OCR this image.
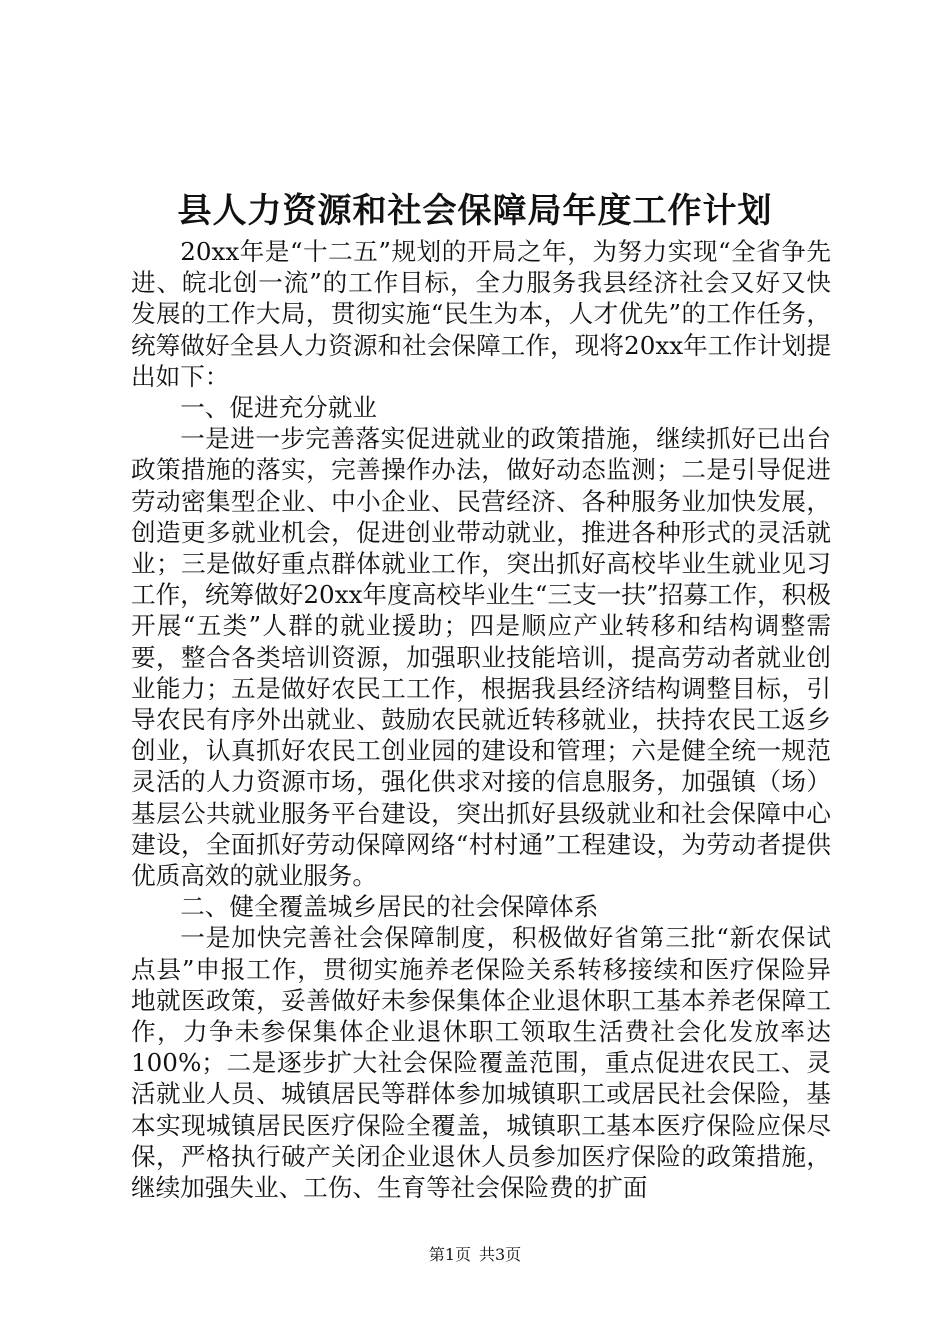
县人力资源和社会保障局年度工作计划

20xx年是“十二五”规划的开局之年，为努力实现“全省争先进、皖北创一流”的工作目标，全力服务我县经济社会又好又快发展的工作大局，贯彻实施“民生为本，人才优先”的工作任务，统筹做好全县人力资源和社会保障工作，现将20xx年工作计划提出如下：

一、促进充分就业

一是进一步完善落实促进就业的政策措施，继续抓好已出台政策措施的落实，完善操作办法，做好动态监测；二是引导促进劳动密集型企业、中小企业、民营经济、各种服务业加快发展，创造更多就业机会，促进创业带动就业，推进各种形式的灵活就业；三是做好重点群体就业工作，突出抓好高校毕业生就业见习工作，统筹做好20xx年度高校毕业生“三支一扶”招募工作，积极开展“五类”人群的就业援助；四是顺应产业转移和结构调整需要，整合各类培训资源，加强职业技能培训，提高劳动者就业创业能力；五是做好农民工工作，根据我县经济结构调整目标，引导农民有序外出就业、鼓励农民就近转移就业，扶持农民工返乡创业，认真抓好农民工创业园的建设和管理；六是健全统一规范灵活的人力资源市场，强化供求对接的信息服务，加强镇（场）基层公共就业服务平台建设，突出抓好县级就业和社会保障中心建设，全面抓好劳动保障网络“村村通”工程建设，为劳动者提供优质高效的就业服务。

二、健全覆盖城乡居民的社会保障体系

一是加快完善社会保障制度，积极做好省第三批“新农保试点县”申报工作，贯彻实施养老保险关系转移接续和医疗保险异地就医政策，妥善做好未参保集体企业退休职工基本养老保障工作，力争未参保集体企业退休职工领取生活费社会化发放率达100%；二是逐步扩大社会保险覆盖范围，重点促进农民工、灵活就业人员、城镇居民等群体参加城镇职工或居民社会保险，基本实现城镇居民医疗保险全覆盖，城镇职工基本医疗保险应保尽保，严格执行破产关闭企业退休人员参加医疗保险的政策措施，继续加强失业、工伤、生育等社会保险费的扩面

第1页 共3页
